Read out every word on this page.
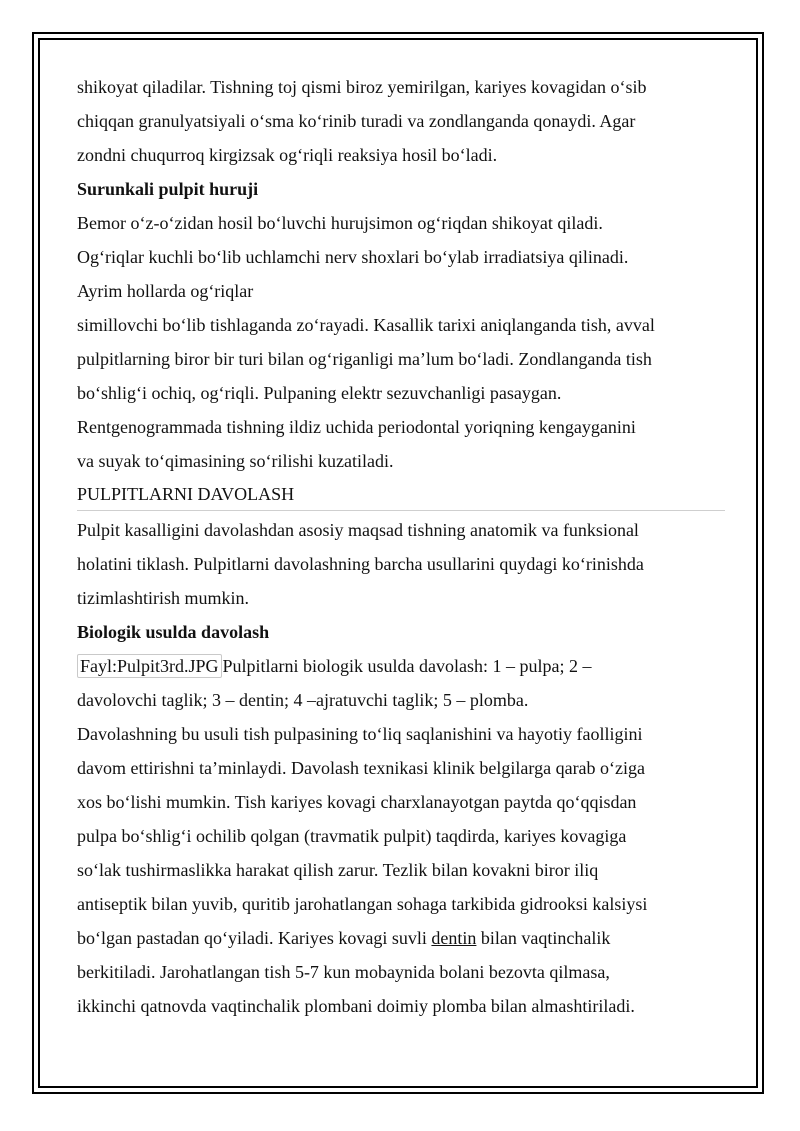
shikoyat qiladilar. Tishning toj qismi biroz yemirilgan, kariyes kovagidan o‘sib
chiqqan granulyatsiyali o‘sma ko‘rinib turadi va zondlanganda qonaydi. Agar
zondni chuqurroq kirgizsak og‘riqli reaksiya hosil bo‘ladi.
Surunkali pulpit huruji
Bemor o‘z-o‘zidan hosil bo‘luvchi hurujsimon og‘riqdan shikoyat qiladi.
Og‘riqlar kuchli bo‘lib uchlamchi nerv shoxlari bo‘ylab irradiatsiya qilinadi.
Ayrim hollarda og‘riqlar
simillovchi bo‘lib tishlaganda zo‘rayadi. Kasallik tarixi aniqlanganda tish, avval
pulpitlarning biror bir turi bilan og‘riganligi ma’lum bo‘ladi. Zondlanganda tish
bo‘shlig‘i ochiq, og‘riqli. Pulpaning elektr sezuvchanligi pasaygan.
Rentgenogrammada tishning ildiz uchida periodontal yoriqning kengayganini
va suyak to‘qimasining so‘rilishi kuzatiladi.
PULPITLARNI DAVOLASH
Pulpit kasalligini davolashdan asosiy maqsad tishning anatomik va funksional
holatini tiklash. Pulpitlarni davolashning barcha usullarini quydagi ko‘rinishda
tizimlashtirish mumkin.
Biologik usulda davolash
Fayl:Pulpit3rd.JPG Pulpitlarni biologik usulda davolash: 1 – pulpa; 2 –
davolovchi taglik; 3 – dentin; 4 –ajratuvchi taglik; 5 – plomba.
Davolashning bu usuli tish pulpasining to‘liq saqlanishini va hayotiy faolligini
davom ettirishni ta’minlaydi. Davolash texnikasi klinik belgilarga qarab o‘ziga
xos bo‘lishi mumkin. Tish kariyes kovagi charxlanayotgan paytda qo‘qqisdan
pulpa bo‘shlig‘i ochilib qolgan (travmatik pulpit) taqdirda, kariyes kovagiga
so‘lak tushirmaslikka harakat qilish zarur. Tezlik bilan kovakni biror iliq
antiseptik bilan yuvib, quritib jarohatlangan sohaga tarkibida gidrooksi kalsiysi
bo‘lgan pastadan qo‘yiladi. Kariyes kovagi suvli dentin bilan vaqtinchalik
berkitiladi. Jarohatlangan tish 5-7 kun mobaynida bolani bezovta qilmasa,
ikkinchi qatnovda vaqtinchalik plombani doimiy plomba bilan almashtiriladi.
